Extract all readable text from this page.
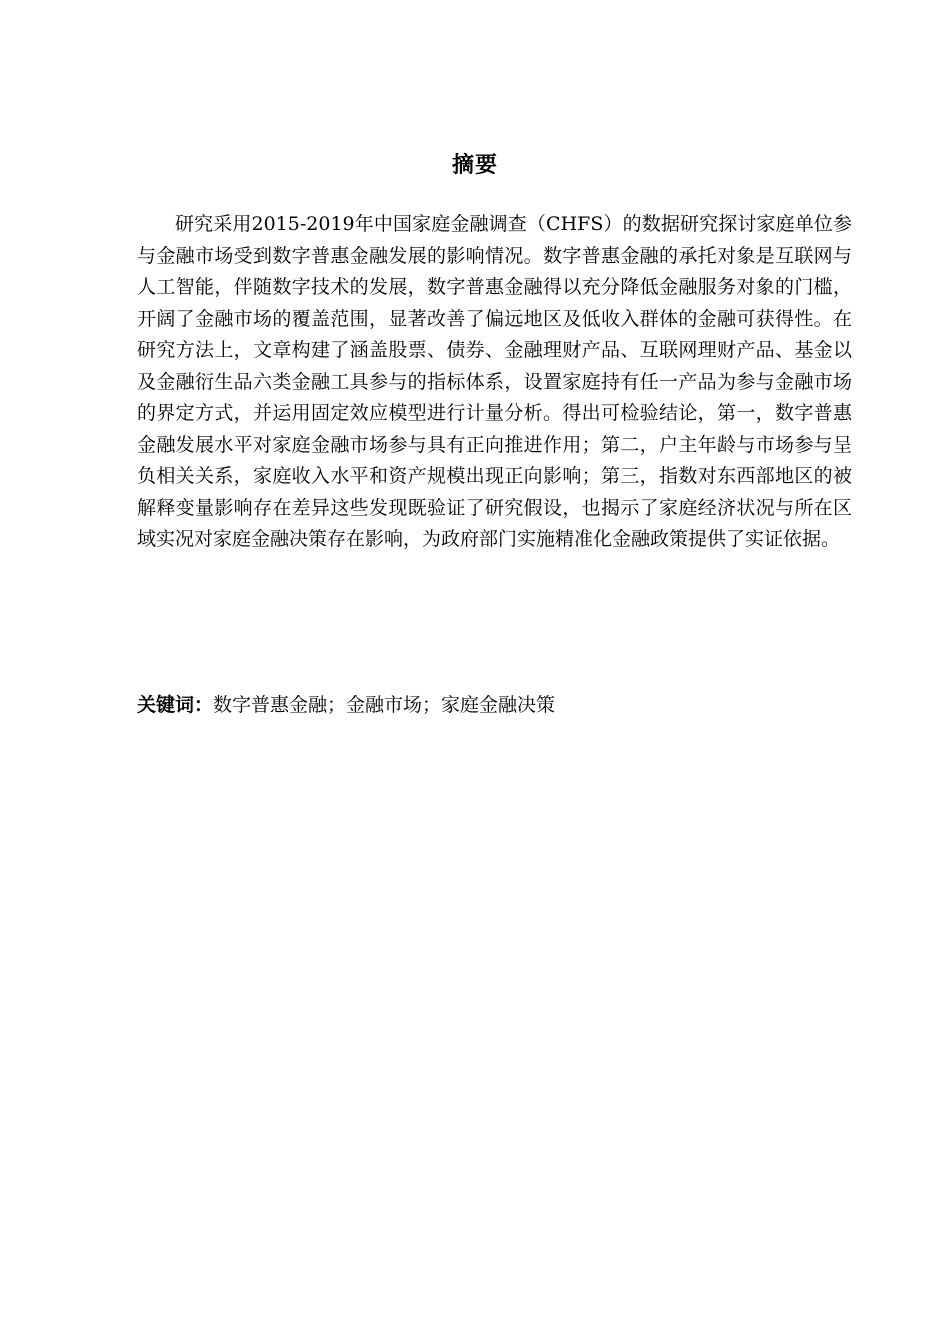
摘要

研究采用2015-2019年中国家庭金融调查（CHFS）的数据研究探讨家庭单位参与金融市场受到数字普惠金融发展的影响情况。数字普惠金融的承托对象是互联网与人工智能，伴随数字技术的发展，数字普惠金融得以充分降低金融服务对象的门槛，开阔了金融市场的覆盖范围，显著改善了偏远地区及低收入群体的金融可获得性。在研究方法上，文章构建了涵盖股票、债券、金融理财产品、互联网理财产品、基金以及金融衍生品六类金融工具参与的指标体系，设置家庭持有任一产品为参与金融市场的界定方式，并运用固定效应模型进行计量分析。得出可检验结论，第一，数字普惠金融发展水平对家庭金融市场参与具有正向推进作用；第二，户主年龄与市场参与呈负相关关系，家庭收入水平和资产规模出现正向影响；第三，指数对东西部地区的被解释变量影响存在差异这些发现既验证了研究假设，也揭示了家庭经济状况与所在区域实况对家庭金融决策存在影响，为政府部门实施精准化金融政策提供了实证依据。

关键词：数字普惠金融；金融市场；家庭金融决策
